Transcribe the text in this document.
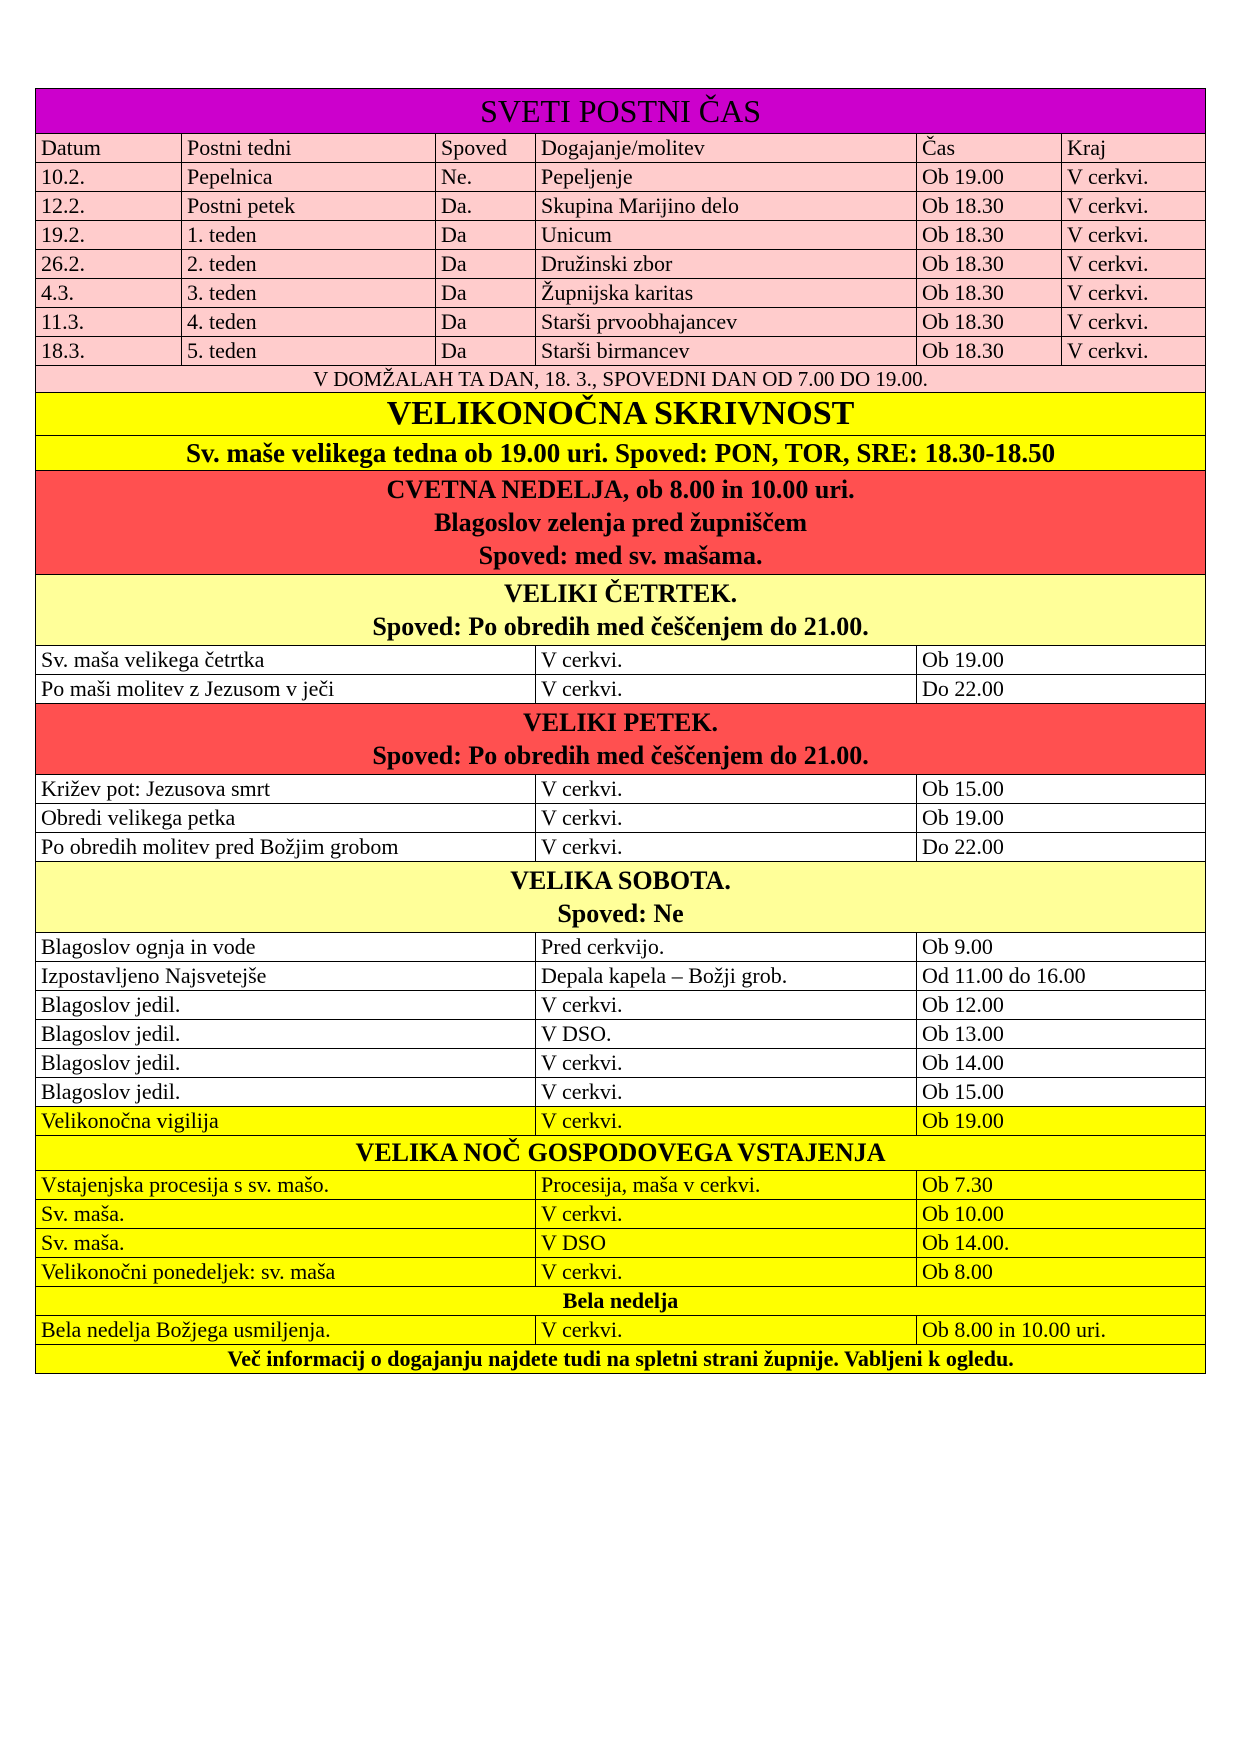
SVETI POSTNI ČAS					
Datum	Postni tedni	Spoved	Dogajanje/molitev	Čas	Kraj
10.2.	Pepelnica	Ne.	Pepeljenje	Ob 19.00	V cerkvi.
12.2.	Postni petek	Da.	Skupina Marijino delo	Ob 18.30	V cerkvi.
19.2.	1. teden	Da	Unicum	Ob 18.30	V cerkvi.
26.2.	2. teden	Da	Družinski zbor	Ob 18.30	V cerkvi.
4.3.	3. teden	Da	Župnijska karitas	Ob 18.30	V cerkvi.
11.3.	4. teden	Da	Starši prvoobhajancev	Ob 18.30	V cerkvi.
18.3.	5. teden	Da	Starši birmancev	Ob 18.30	V cerkvi.
V DOMŽALAH TA DAN, 18. 3., SPOVEDNI DAN OD 7.00 DO 19.00.					
VELIKONOČNA SKRIVNOST					
Sv. maše velikega tedna ob 19.00 uri. Spoved: PON, TOR, SRE: 18.30-18.50					

CVETNA NEDELJA, ob 8.00 in 10.00 uri.
Blagoslov zelenja pred župniščem
Spoved: med sv. mašama.					

VELIKI ČETRTEK.
Spoved: Po obredih med češčenjem do 21.00.					

Sv. maša velikega četrtka			V cerkvi.	Ob 19.00	
Po maši molitev z Jezusom v ječi			V cerkvi.	Do 22.00	

VELIKI PETEK.
Spoved: Po obredih med češčenjem do 21.00.					

Križev pot: Jezusova smrt			V cerkvi.	Ob 15.00	
Obredi velikega petka			V cerkvi.	Ob 19.00	
Po obredih molitev pred Božjim grobom			V cerkvi.	Do 22.00	

VELIKA SOBOTA.
Spoved: Ne					

Blagoslov ognja in vode			Pred cerkvijo.	Ob 9.00	
Izpostavljeno Najsvetejše			Depala kapela – Božji grob.	Od 11.00 do 16.00	
Blagoslov jedil.			V cerkvi.	Ob 12.00	
Blagoslov jedil.			V DSO.	Ob 13.00	
Blagoslov jedil.			V cerkvi.	Ob 14.00	
Blagoslov jedil.			V cerkvi.	Ob 15.00	
Velikonočna vigilija			V cerkvi.	Ob 19.00	
VELIKA NOČ GOSPODOVEGA VSTAJENJA					
Vstajenjska procesija s sv. mašo.			Procesija, maša v cerkvi.	Ob 7.30	
Sv. maša.			V cerkvi.	Ob 10.00	
Sv. maša.			V DSO	Ob 14.00.	
Velikonočni ponedeljek: sv. maša			V cerkvi.	Ob 8.00	
Bela nedelja					
Bela nedelja Božjega usmiljenja.			V cerkvi.	Ob 8.00 in 10.00 uri.	
Več informacij o dogajanju najdete tudi na spletni strani župnije. Vabljeni k ogledu.					
